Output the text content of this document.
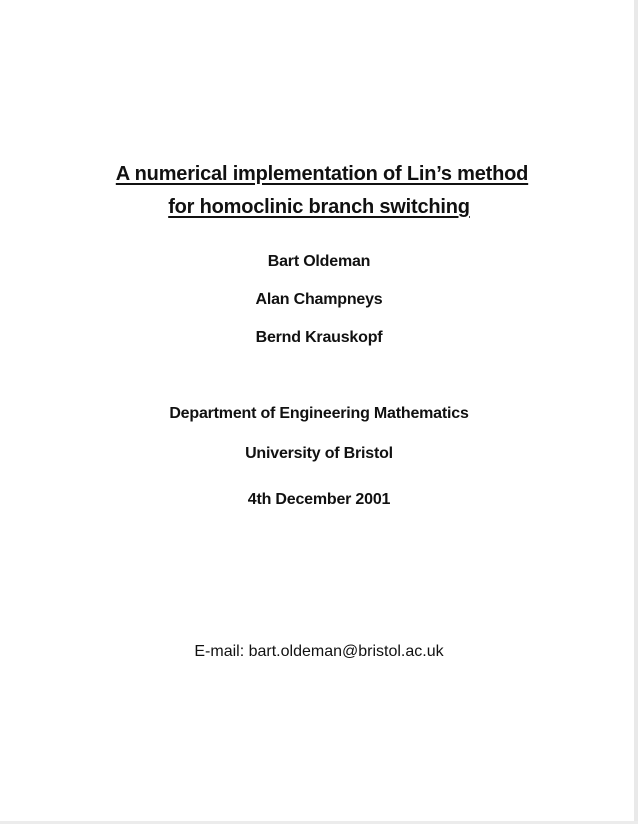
A numerical implementation of Lin’s method
for homoclinic branch switching
Bart Oldeman
Alan Champneys
Bernd Krauskopf
Department of Engineering Mathematics
University of Bristol
4th December 2001
E-mail: bart.oldeman@bristol.ac.uk
